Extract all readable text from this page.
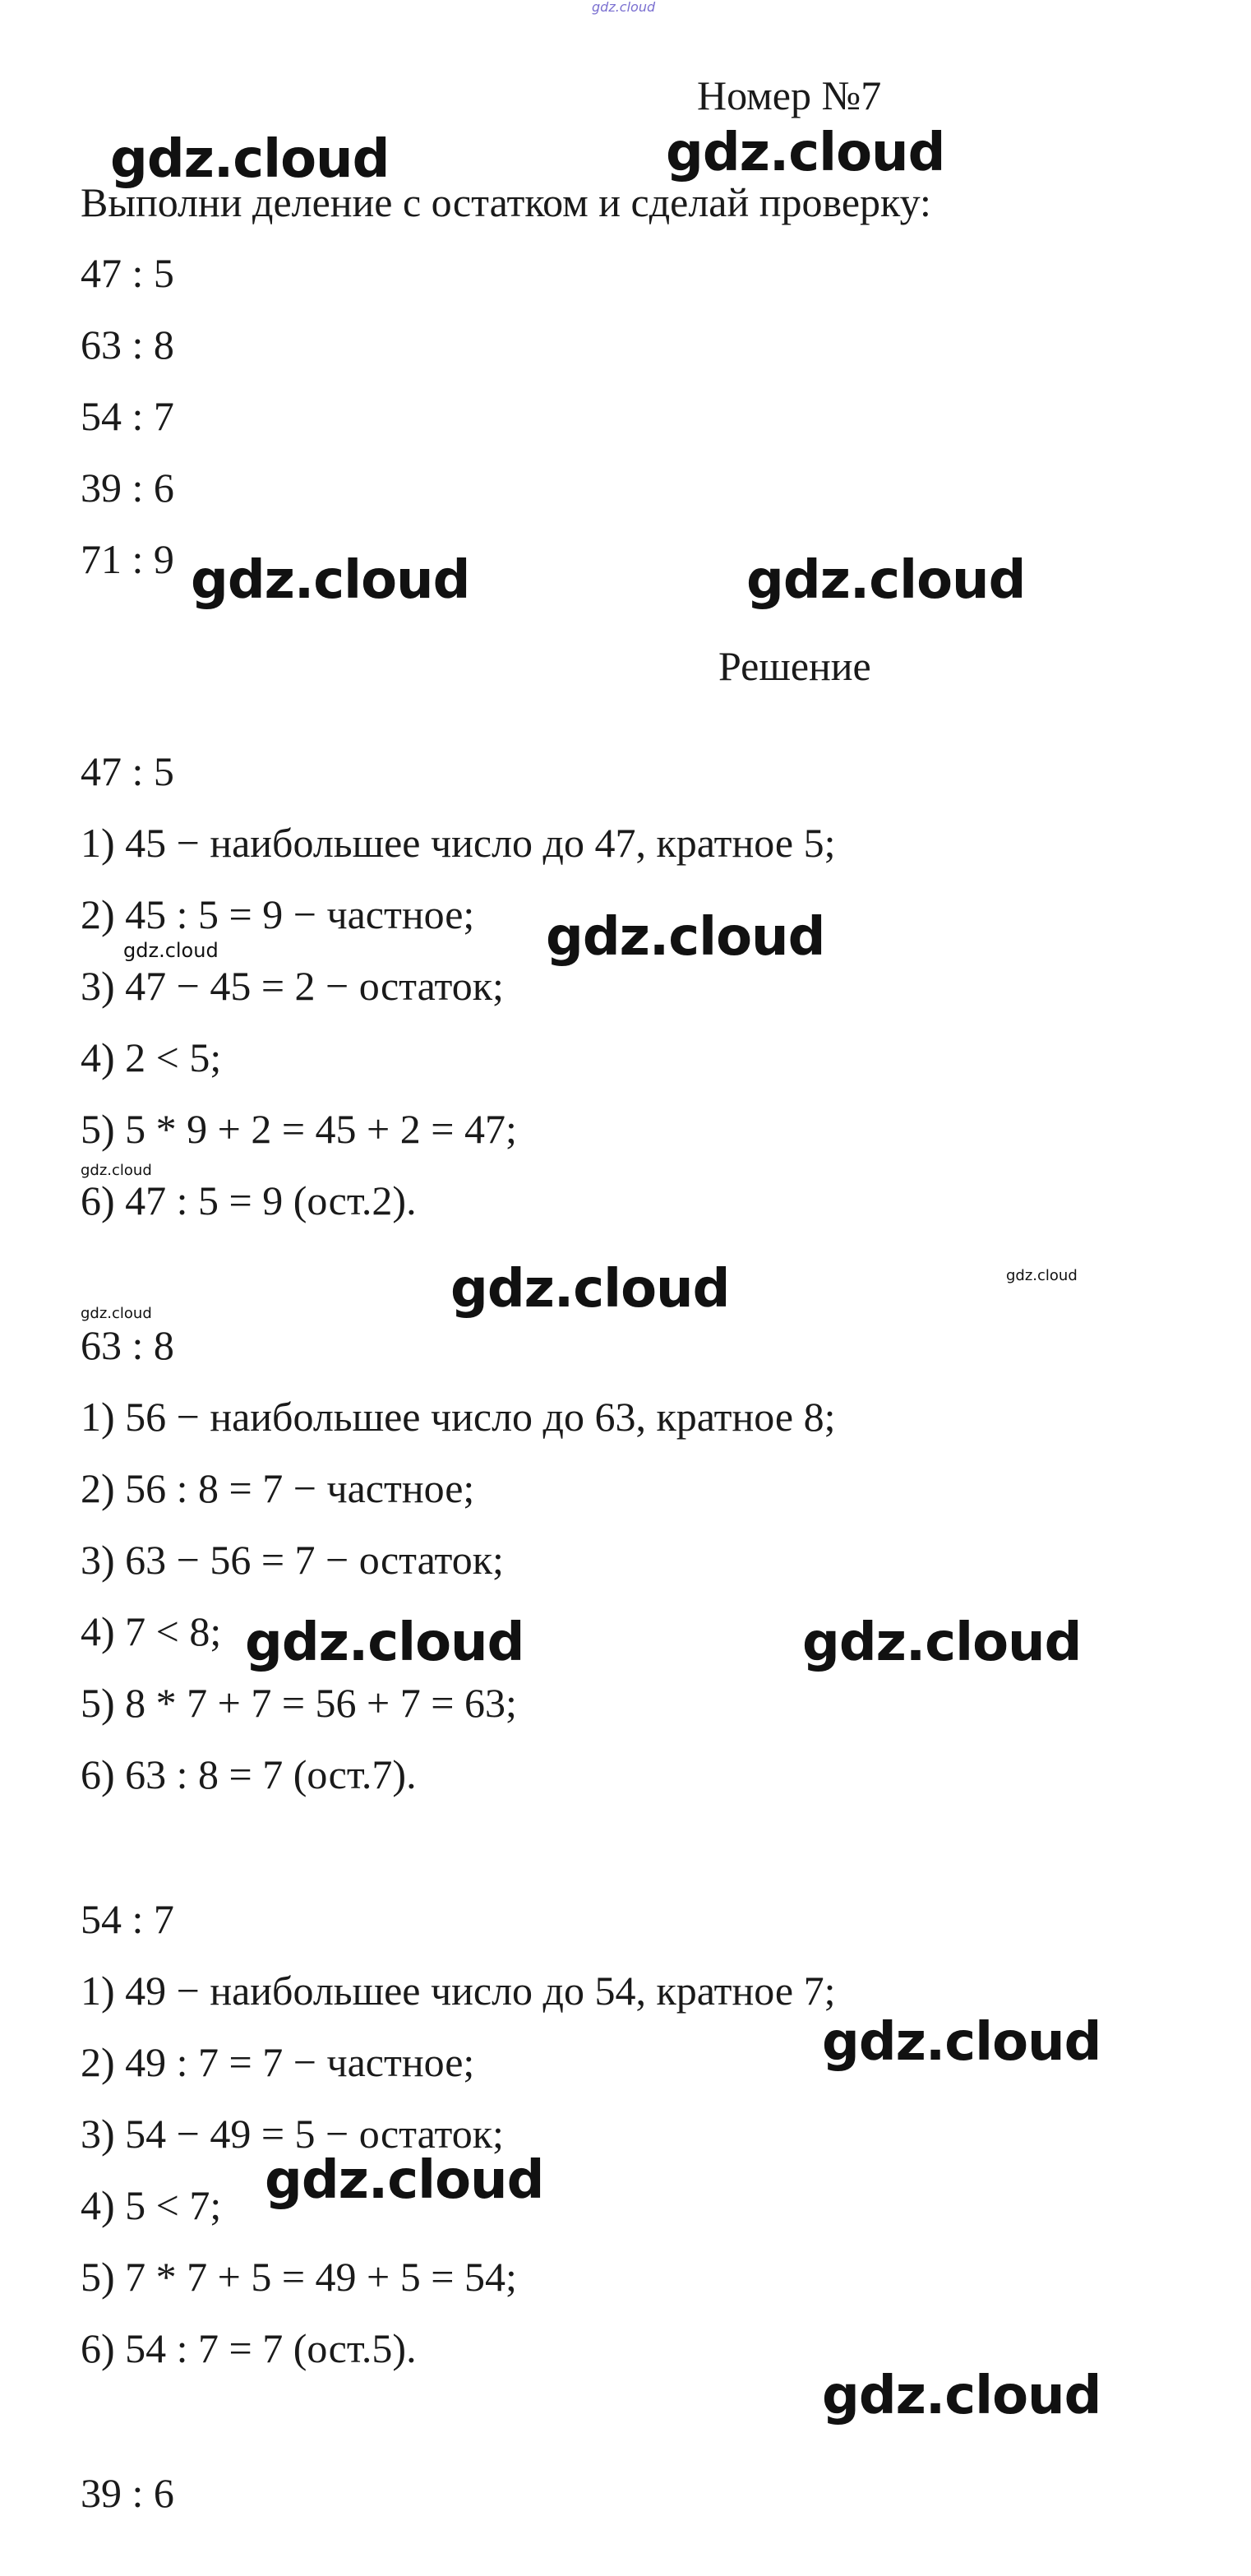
gdz.cloud

Номер №7

Выполни деление с остатком и сделай проверку:

47 : 5

63 : 8

54 : 7

39 : 6

71 : 9

Решение

47 : 5

1) 45 − наибольшее число до 47, кратное 5;

2) 45 : 5 = 9 − частное;

3) 47 − 45 = 2 − остаток;

4) 2 < 5;

5) 5 * 9 + 2 = 45 + 2 = 47;

6) 47 : 5 = 9 (ост.2).

63 : 8

1) 56 − наибольшее число до 63, кратное 8;

2) 56 : 8 = 7 − частное;

3) 63 − 56 = 7 − остаток;

4) 7 < 8;

5) 8 * 7 + 7 = 56 + 7 = 63;

6) 63 : 8 = 7 (ост.7).

54 : 7

1) 49 − наибольшее число до 54, кратное 7;

2) 49 : 7 = 7 − частное;

3) 54 − 49 = 5 − остаток;

4) 5 < 7;

5) 7 * 7 + 5 = 49 + 5 = 54;

6) 54 : 7 = 7 (ост.5).

39 : 6

gdz.cloud	gdz.cloud

gdz.cloud	gdz.cloud

gdz.cloud

gdz.cloud

gdz.cloud	gdz.cloud

gdz.cloud

gdz.cloud

gdz.cloud

gdz.cloud

gdz.cloud

gdz.cloud

gdz.cloud
